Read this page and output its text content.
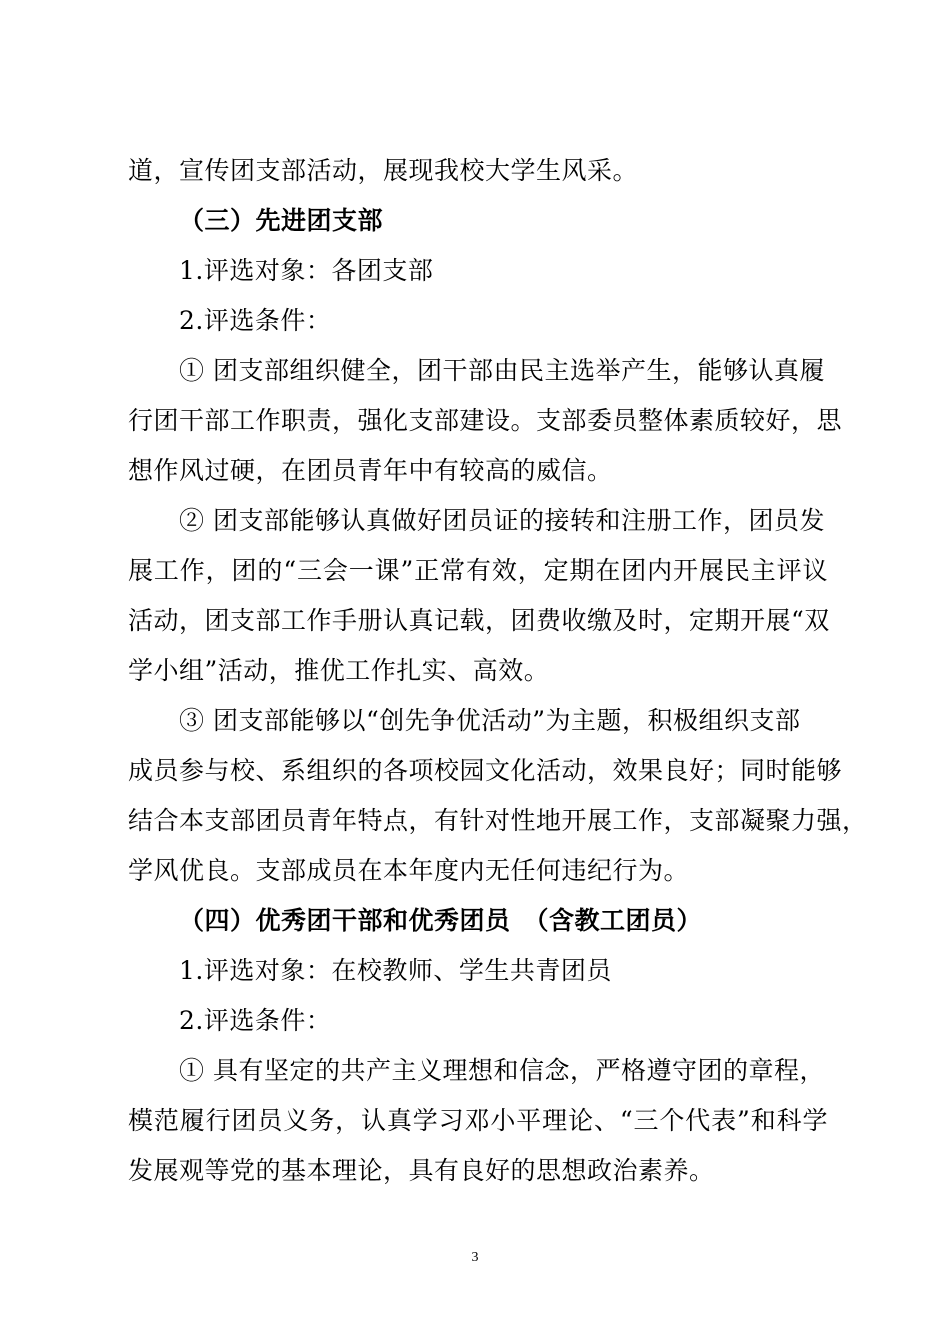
道，宣传团支部活动，展现我校大学生风采。
（三）先进团支部
1.评选对象：各团支部
2.评选条件：
① 团支部组织健全，团干部由民主选举产生，能够认真履
行团干部工作职责，强化支部建设。支部委员整体素质较好，思
想作风过硬，在团员青年中有较高的威信。
② 团支部能够认真做好团员证的接转和注册工作，团员发
展工作，团的“三会一课”正常有效，定期在团内开展民主评议
活动，团支部工作手册认真记载，团费收缴及时，定期开展“双
学小组”活动，推优工作扎实、高效。
③ 团支部能够以“创先争优活动”为主题，积极组织支部
成员参与校、系组织的各项校园文化活动，效果良好；同时能够
结合本支部团员青年特点，有针对性地开展工作，支部凝聚力强，
学风优良。支部成员在本年度内无任何违纪行为。
（四）优秀团干部和优秀团员　（含教工团员）
1.评选对象：在校教师、学生共青团员
2.评选条件：
① 具有坚定的共产主义理想和信念，严格遵守团的章程，
模范履行团员义务，认真学习邓小平理论、“三个代表”和科学
发展观等党的基本理论，具有良好的思想政治素养。
3
